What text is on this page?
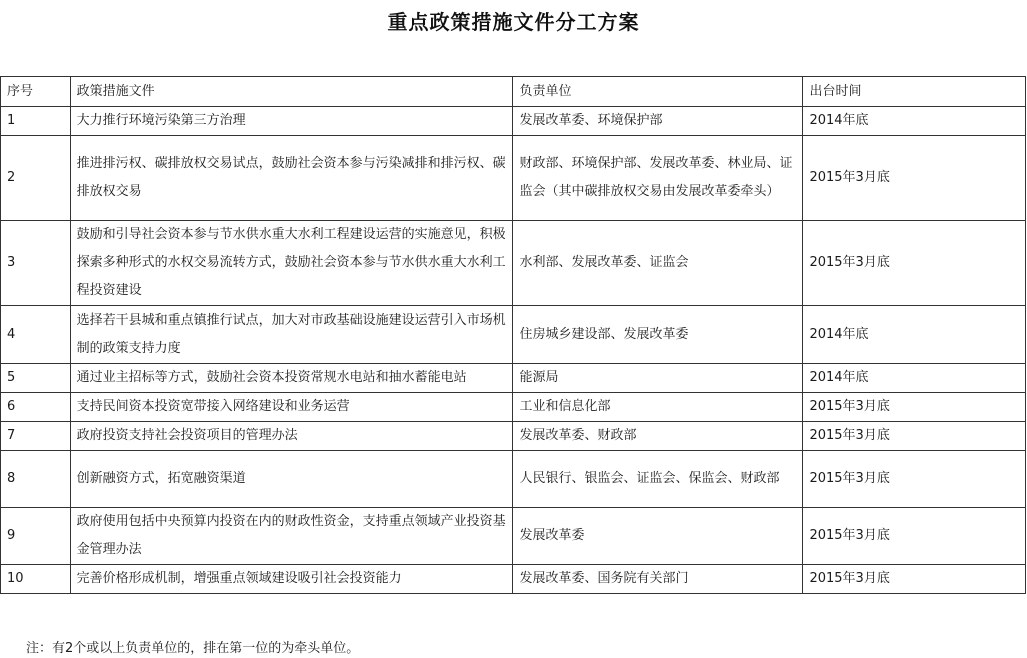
重点政策措施文件分工方案
序号	政策措施文件	负责单位	出台时间
1	大力推行环境污染第三方治理	发展改革委、环境保护部	2014年底
2	推进排污权、碳排放权交易试点，鼓励社会资本参与污染减排和排污权、碳排放权交易	财政部、环境保护部、发展改革委、林业局、证监会（其中碳排放权交易由发展改革委牵头）	2015年3月底
3	鼓励和引导社会资本参与节水供水重大水利工程建设运营的实施意见，积极探索多种形式的水权交易流转方式，鼓励社会资本参与节水供水重大水利工程投资建设	水利部、发展改革委、证监会	2015年3月底
4	选择若干县城和重点镇推行试点，加大对市政基础设施建设运营引入市场机制的政策支持力度	住房城乡建设部、发展改革委	2014年底
5	通过业主招标等方式，鼓励社会资本投资常规水电站和抽水蓄能电站	能源局	2014年底
6	支持民间资本投资宽带接入网络建设和业务运营	工业和信息化部	2015年3月底
7	政府投资支持社会投资项目的管理办法	发展改革委、财政部	2015年3月底
8	创新融资方式，拓宽融资渠道	人民银行、银监会、证监会、保监会、财政部	2015年3月底
9	政府使用包括中央预算内投资在内的财政性资金，支持重点领域产业投资基金管理办法	发展改革委	2015年3月底
10	完善价格形成机制，增强重点领域建设吸引社会投资能力	发展改革委、国务院有关部门	2015年3月底
注：有2个或以上负责单位的，排在第一位的为牵头单位。
